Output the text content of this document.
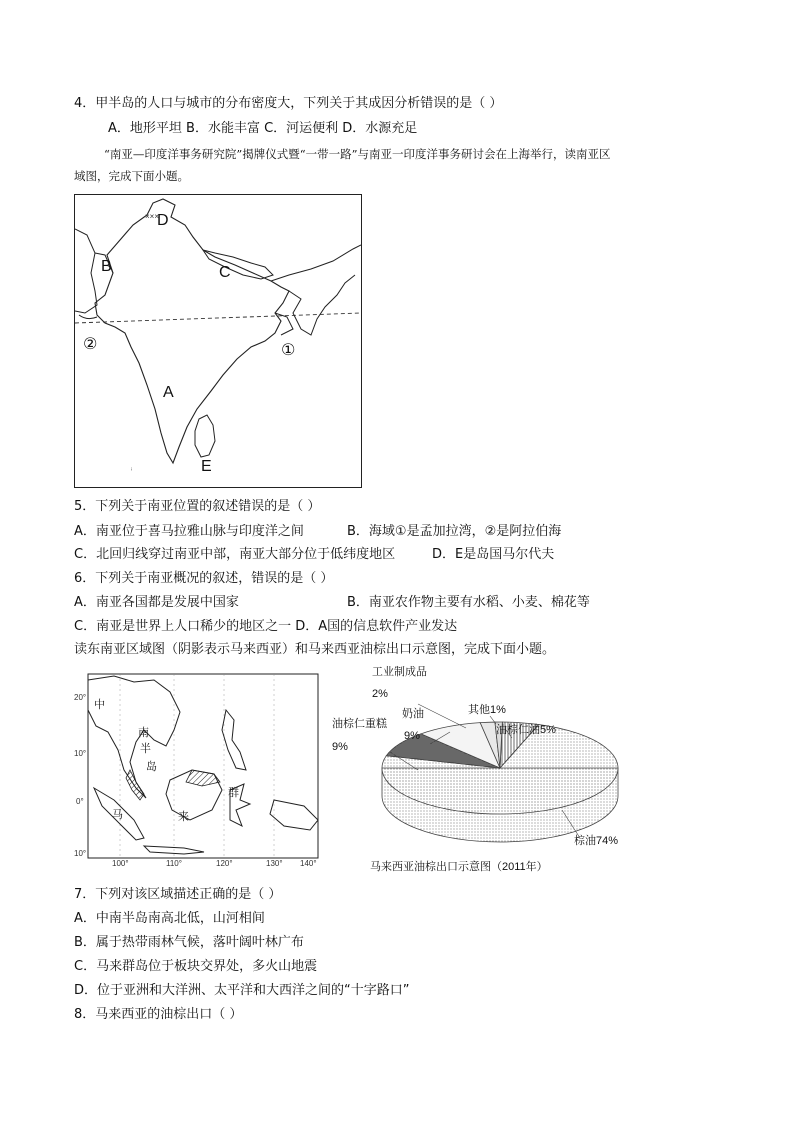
4．甲半岛的人口与城市的分布密度大，下列关于其成因分析错误的是（ ）
A．地形平坦 B．水能丰富 C．河运便利 D．水源充足
“南亚—印度洋事务研究院”揭牌仪式暨“一带一路”与南亚一印度洋事务研讨会在上海举行，读南亚区
域图，完成下面小题。
×××
ⁱ
D
B	C
A
E
②	①
5．下列关于南亚位置的叙述错误的是（ ）
A．南亚位于喜马拉雅山脉与印度洋之间	B．海域①是孟加拉湾，②是阿拉伯海
C．北回归线穿过南亚中部，南亚大部分位于低纬度地区	D．E是岛国马尔代夫
6．下列关于南亚概况的叙述，错误的是（ ）
A．南亚各国都是发展中国家	B．南亚农作物主要有水稻、小麦、棉花等
C．南亚是世界上人口稀少的地区之一 D．A国的信息软件产业发达
读东南亚区域图（阴影表示马来西亚）和马来西亚油棕出口示意图，完成下面小题。
中
南
半
岛
群
马	来
20°
10°
0°
10°
100°	110°	120°	130° 140°
工业制成品
2%
油棕仁重糕
9%
奶油
9%
其他1%
油棕仁油5%
棕油74%
马来西亚油棕出口示意图（2011年）
7．下列对该区域描述正确的是（ ）
A．中南半岛南高北低，山河相间
B．属于热带雨林气候，落叶阔叶林广布
C．马来群岛位于板块交界处，多火山地震
D．位于亚洲和大洋洲、太平洋和大西洋之间的“十字路口”
8．马来西亚的油棕出口（ ）
